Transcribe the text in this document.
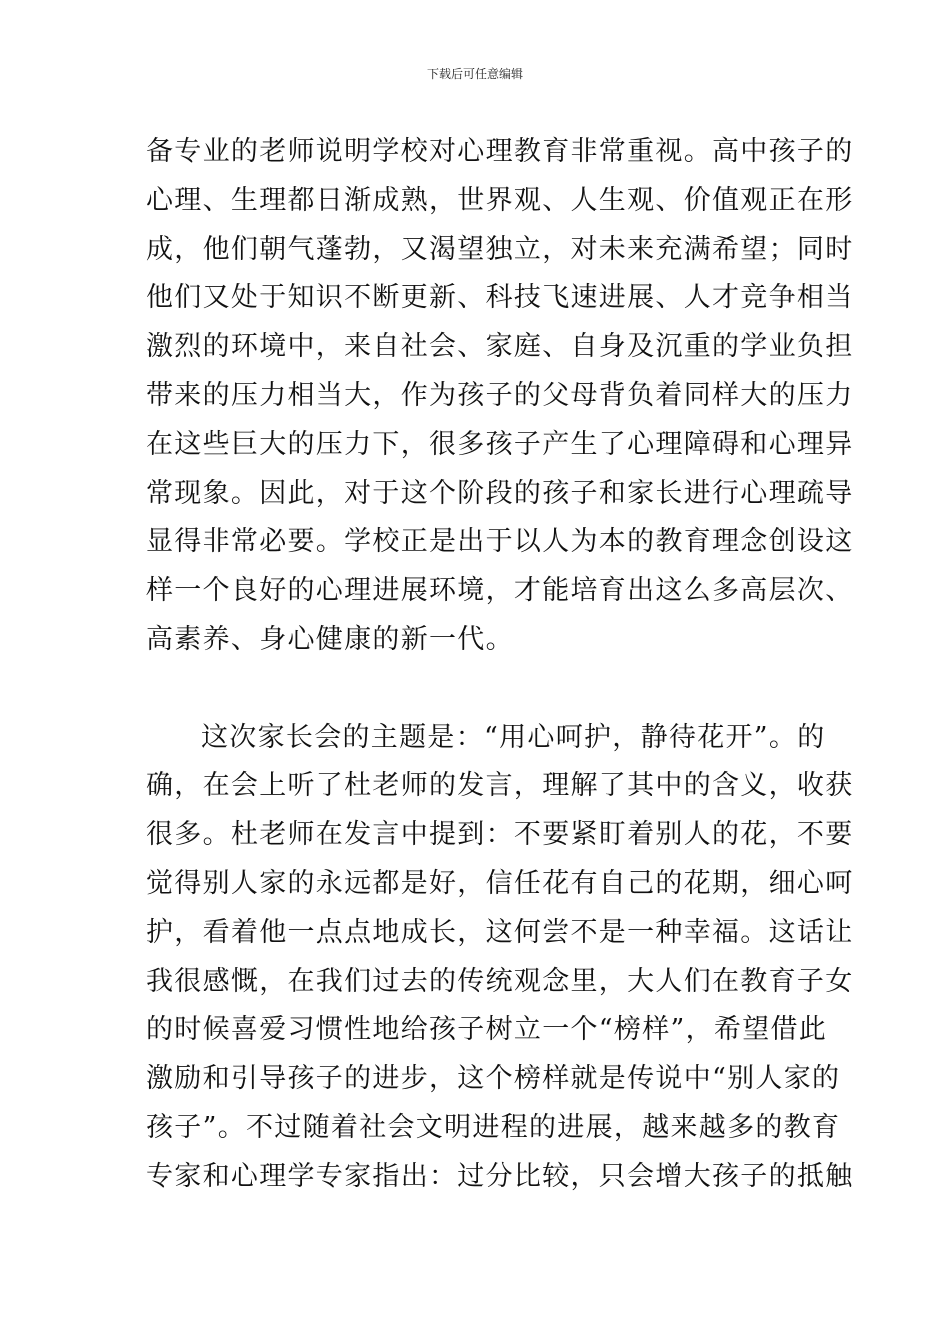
下载后可任意编辑
备专业的老师说明学校对心理教育非常重视。高中孩子的
心理、生理都日渐成熟，世界观、人生观、价值观正在形
成，他们朝气蓬勃，又渴望独立，对未来充满希望；同时
他们又处于知识不断更新、科技飞速进展、人才竞争相当
激烈的环境中，来自社会、家庭、自身及沉重的学业负担
带来的压力相当大，作为孩子的父母背负着同样大的压力
在这些巨大的压力下，很多孩子产生了心理障碍和心理异
常现象。因此，对于这个阶段的孩子和家长进行心理疏导
显得非常必要。学校正是出于以人为本的教育理念创设这
样一个良好的心理进展环境，才能培育出这么多高层次、
高素养、身心健康的新一代。
这次家长会的主题是：“用心呵护，静待花开”。的
确，在会上听了杜老师的发言，理解了其中的含义，收获
很多。杜老师在发言中提到：不要紧盯着别人的花，不要
觉得别人家的永远都是好，信任花有自己的花期，细心呵
护，看着他一点点地成长，这何尝不是一种幸福。这话让
我很感慨，在我们过去的传统观念里，大人们在教育子女
的时候喜爱习惯性地给孩子树立一个“榜样”，希望借此
激励和引导孩子的进步，这个榜样就是传说中“别人家的
孩子”。不过随着社会文明进程的进展，越来越多的教育
专家和心理学专家指出：过分比较，只会增大孩子的抵触
